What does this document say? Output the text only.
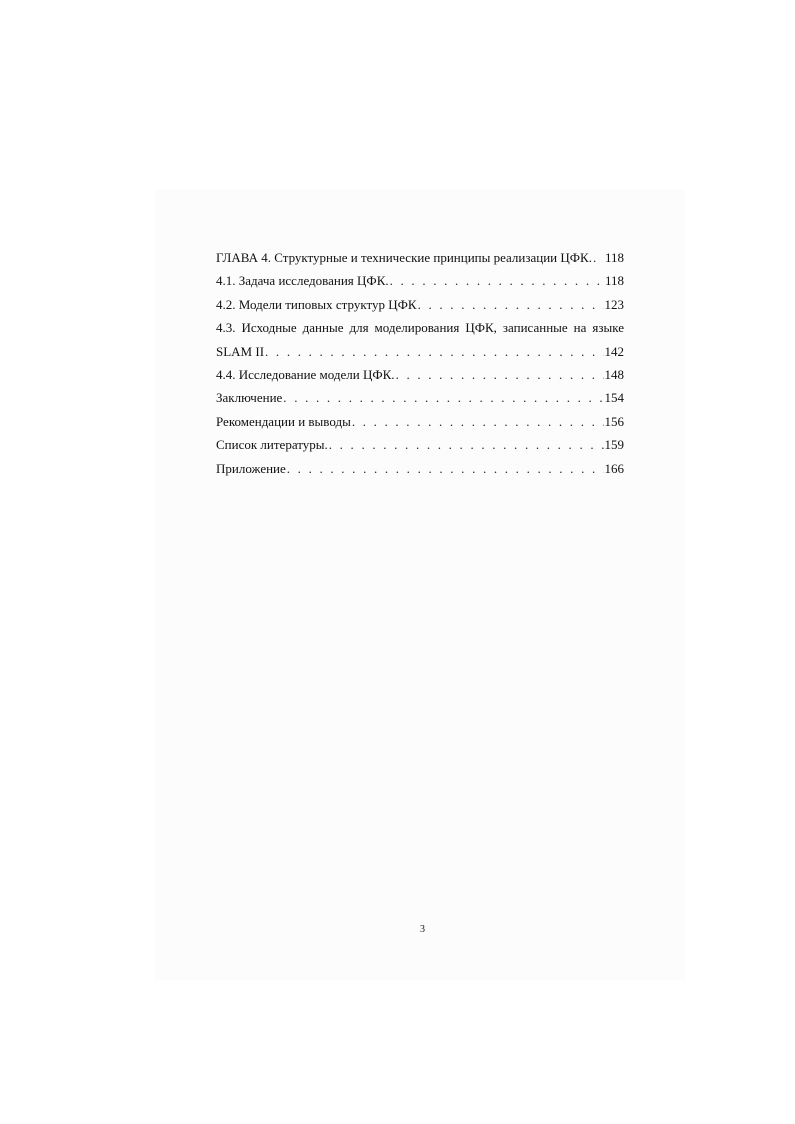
ГЛАВА 4. Структурные и технические принципы реализации ЦФК. . . . 118
4.1. Задача исследования ЦФК. . . .	118
4.2. Модели типовых структур ЦФК . . .	123
4.3. Исходные данные для моделирования ЦФК, записанные на языке
SLAM II . . .	142
4.4. Исследование модели ЦФК. . . .	148
Заключение . . .	154
Рекомендации и выводы . . .	156
Список литературы. . . .	159
Приложение . . .	166
3
